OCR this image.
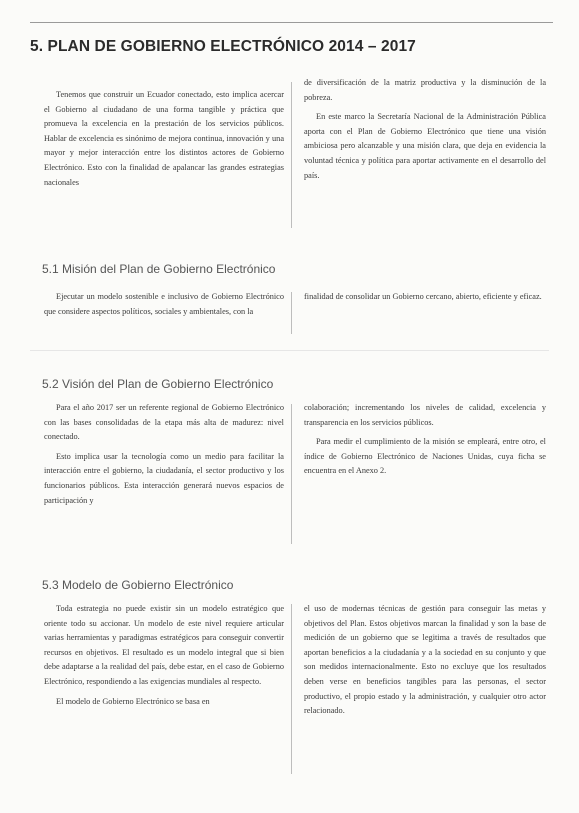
5. PLAN DE GOBIERNO ELECTRÓNICO 2014 – 2017

Tenemos que construir un Ecuador conectado, esto implica acercar el Gobierno al ciudadano de una forma tangible y práctica que promueva la excelencia en la prestación de los servicios públicos. Hablar de excelencia es sinónimo de mejora continua, innovación y una mayor y mejor interacción entre los distintos actores de Gobierno Electrónico. Esto con la finalidad de apalancar las grandes estrategias nacionales

de diversificación de la matriz productiva y la disminución de la pobreza.

En este marco la Secretaría Nacional de la Administración Pública aporta con el Plan de Gobierno Electrónico que tiene una visión ambiciosa pero alcanzable y una misión clara, que deja en evidencia la voluntad técnica y política para aportar activamente en el desarrollo del país.

5.1 Misión del Plan de Gobierno Electrónico

Ejecutar un modelo sostenible e inclusivo de Gobierno Electrónico que considere aspectos políticos, sociales y ambientales, con la

finalidad de consolidar un Gobierno cercano, abierto, eficiente y eficaz.

5.2 Visión del Plan de Gobierno Electrónico

Para el año 2017 ser un referente regional de Gobierno Electrónico con las bases consolidadas de la etapa más alta de madurez: nivel conectado.

Esto implica usar la tecnología como un medio para facilitar la interacción entre el gobierno, la ciudadanía, el sector productivo y los funcionarios públicos. Esta interacción generará nuevos espacios de participación y

colaboración; incrementando los niveles de calidad, excelencia y transparencia en los servicios públicos.

Para medir el cumplimiento de la misión se empleará, entre otro, el índice de Gobierno Electrónico de Naciones Unidas, cuya ficha se encuentra en el Anexo 2.

5.3 Modelo de Gobierno Electrónico

Toda estrategia no puede existir sin un modelo estratégico que oriente todo su accionar. Un modelo de este nivel requiere articular varias herramientas y paradigmas estratégicos para conseguir convertir recursos en objetivos. El resultado es un modelo integral que si bien debe adaptarse a la realidad del país, debe estar, en el caso de Gobierno Electrónico, respondiendo a las exigencias mundiales al respecto.

El modelo de Gobierno Electrónico se basa en

el uso de modernas técnicas de gestión para conseguir las metas y objetivos del Plan. Estos objetivos marcan la finalidad y son la base de medición de un gobierno que se legitima a través de resultados que aportan beneficios a la ciudadanía y a la sociedad en su conjunto y que son medidos internacionalmente. Esto no excluye que los resultados deben verse en beneficios tangibles para las personas, el sector productivo, el propio estado y la administración, y cualquier otro actor relacionado.
